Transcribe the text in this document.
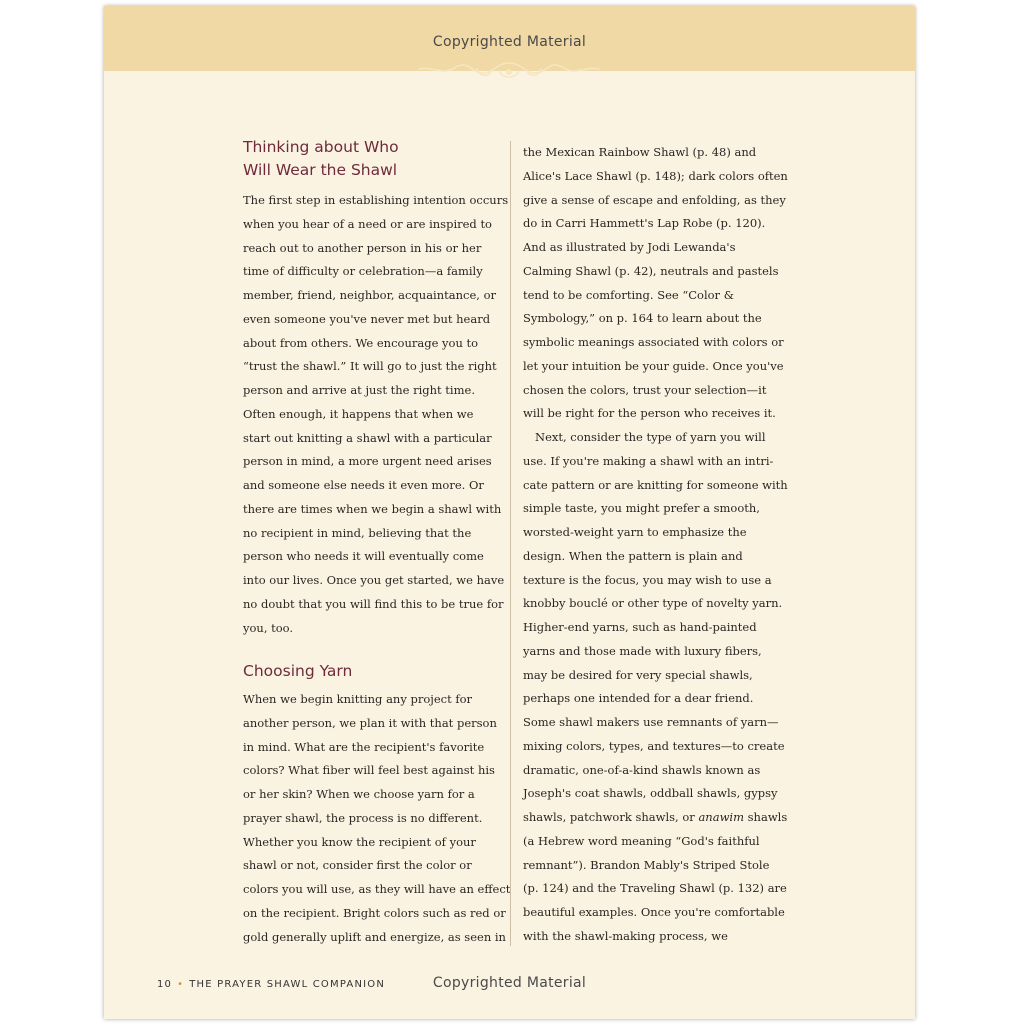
Copyrighted Material
Thinking about Who
Will Wear the Shawl
The first step in establishing intention occurs
when you hear of a need or are inspired to
reach out to another person in his or her
time of difficulty or celebration—a family
member, friend, neighbor, acquaintance, or
even someone you've never met but heard
about from others. We encourage you to
“trust the shawl.” It will go to just the right
person and arrive at just the right time.
Often enough, it happens that when we
start out knitting a shawl with a particular
person in mind, a more urgent need arises
and someone else needs it even more. Or
there are times when we begin a shawl with
no recipient in mind, believing that the
person who needs it will eventually come
into our lives. Once you get started, we have
no doubt that you will find this to be true for
you, too.
Choosing Yarn
When we begin knitting any project for
another person, we plan it with that person
in mind. What are the recipient's favorite
colors? What fiber will feel best against his
or her skin? When we choose yarn for a
prayer shawl, the process is no different.
Whether you know the recipient of your
shawl or not, consider first the color or
colors you will use, as they will have an effect
on the recipient. Bright colors such as red or
gold generally uplift and energize, as seen in
the Mexican Rainbow Shawl (p. 48) and
Alice's Lace Shawl (p. 148); dark colors often
give a sense of escape and enfolding, as they
do in Carri Hammett's Lap Robe (p. 120).
And as illustrated by Jodi Lewanda's
Calming Shawl (p. 42), neutrals and pastels
tend to be comforting. See “Color &
Symbology,” on p. 164 to learn about the
symbolic meanings associated with colors or
let your intuition be your guide. Once you've
chosen the colors, trust your selection—it
will be right for the person who receives it.
Next, consider the type of yarn you will
use. If you're making a shawl with an intri-
cate pattern or are knitting for someone with
simple taste, you might prefer a smooth,
worsted-weight yarn to emphasize the
design. When the pattern is plain and
texture is the focus, you may wish to use a
knobby bouclé or other type of novelty yarn.
Higher-end yarns, such as hand-painted
yarns and those made with luxury fibers,
may be desired for very special shawls,
perhaps one intended for a dear friend.
Some shawl makers use remnants of yarn—
mixing colors, types, and textures—to create
dramatic, one-of-a-kind shawls known as
Joseph's coat shawls, oddball shawls, gypsy
shawls, patchwork shawls, or anawim shawls
(a Hebrew word meaning “God's faithful
remnant”). Brandon Mably's Striped Stole
(p. 124) and the Traveling Shawl (p. 132) are
beautiful examples. Once you're comfortable
with the shawl-making process, we
10 • THE PRAYER SHAWL COMPANION	Copyrighted Material
